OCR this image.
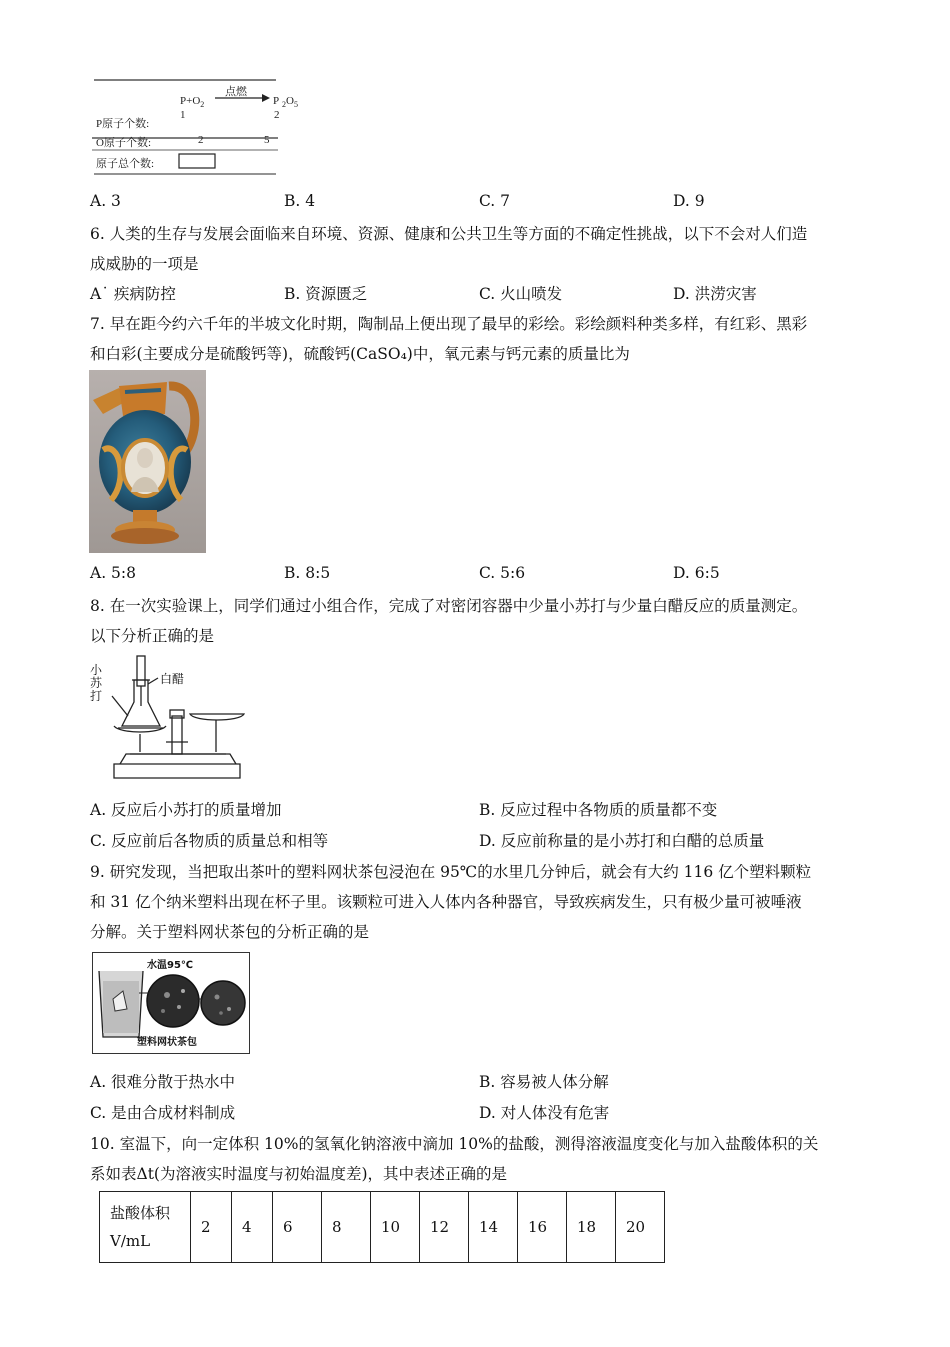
$P+O_2$
点燃
P
P原子个数:
1	2
O原子个数:	2	5
原子总个数:
$_2O_5$
A. 3	B. 4	C. 7	D. 9
6. 人类的生存与发展会面临来自环境、资源、健康和公共卫生等方面的不确定性挑战，以下不会对人们造
成威胁的一项是
A˙ 疾病防控	B. 资源匮乏	C. 火山喷发	D. 洪涝灾害
7. 早在距今约六千年的半坡文化时期，陶制品上便出现了最早的彩绘。彩绘颜料种类多样，有红彩、黑彩
和白彩(主要成分是硫酸钙等)，硫酸钙(CaSO₄)中，氧元素与钙元素的质量比为
A. 5:8	B. 8:5	C. 5:6	D. 6:5
8. 在一次实验课上，同学们通过小组合作，完成了对密闭容器中少量小苏打与少量白醋反应的质量测定。
以下分析正确的是
小苏打
白醋
A. 反应后小苏打的质量增加	B. 反应过程中各物质的质量都不变
C. 反应前后各物质的质量总和相等	D. 反应前称量的是小苏打和白醋的总质量
9. 研究发现，当把取出茶叶的塑料网状茶包浸泡在 95℃的水里几分钟后，就会有大约 116 亿个塑料颗粒
和 31 亿个纳米塑料出现在杯子里。该颗粒可进入人体内各种器官，导致疾病发生，只有极少量可被唾液
分解。关于塑料网状茶包的分析正确的是
水温95℃
塑料网状茶包
A. 很难分散于热水中	B. 容易被人体分解
C. 是由合成材料制成	D. 对人体没有危害
10. 室温下，向一定体积 10%的氢氧化钠溶液中滴加 10%的盐酸，测得溶液温度变化与加入盐酸体积的关
系如表Δt(为溶液实时温度与初始温度差)，其中表述正确的是
盐酸体积
V/mL	2	4	6	8	10	12	14	16	18	20
